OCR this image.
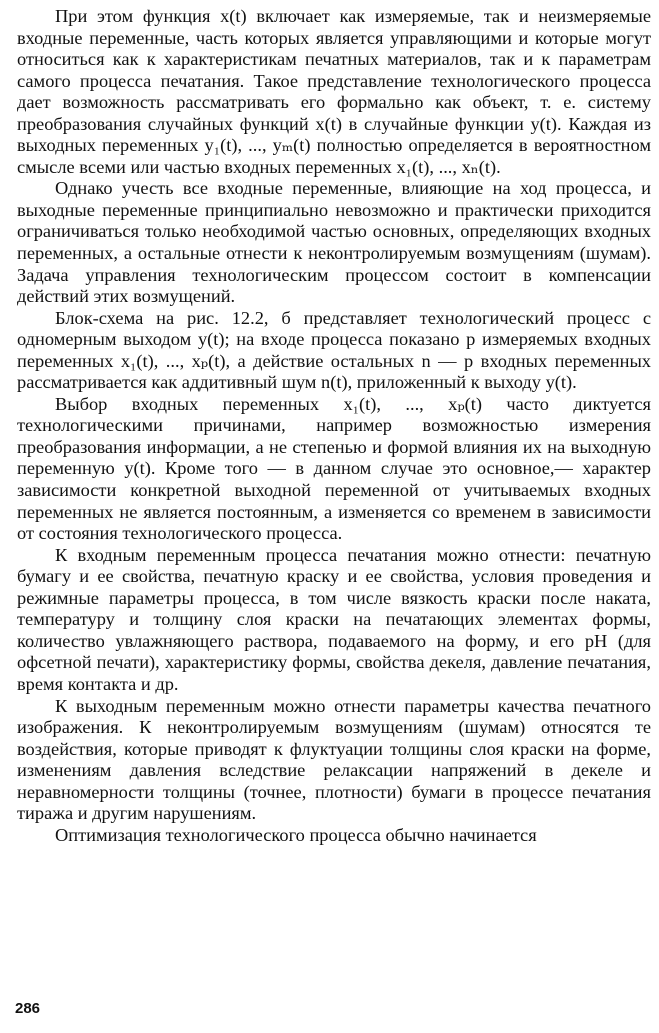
При этом функция x(t) включает как измеряемые, так и неизмеряемые входные переменные, часть которых является управляющими и которые могут относиться как к характеристикам печатных материалов, так и к параметрам самого процесса печатания. Такое представление технологического процесса дает возможность рассматривать его формально как объект, т. е. систему преобразования случайных функций x(t) в случайные функции y(t). Каждая из выходных переменных y₁(t), ..., yₘ(t) полностью определяется в вероятностном смысле всеми или частью входных переменных x₁(t), ..., xₙ(t).

Однако учесть все входные переменные, влияющие на ход процесса, и выходные переменные принципиально невозможно и практически приходится ограничиваться только необходимой частью основных, определяющих входных переменных, а остальные отнести к неконтролируемым возмущениям (шумам). Задача управления технологическим процессом состоит в компенсации действий этих возмущений.

Блок-схема на рис. 12.2, б представляет технологический процесс с одномерным выходом y(t); на входе процесса показано p измеряемых входных переменных x₁(t), ..., xₚ(t), а действие остальных n — p входных переменных рассматривается как аддитивный шум n(t), приложенный к выходу y(t).

Выбор входных переменных x₁(t), ..., xₚ(t) часто диктуется технологическими причинами, например возможностью измерения преобразования информации, а не степенью и формой влияния их на выходную переменную y(t). Кроме того — в данном случае это основное,— характер зависимости конкретной выходной переменной от учитываемых входных переменных не является постоянным, а изменяется со временем в зависимости от состояния технологического процесса.

К входным переменным процесса печатания можно отнести: печатную бумагу и ее свойства, печатную краску и ее свойства, условия проведения и режимные параметры процесса, в том числе вязкость краски после наката, температуру и толщину слоя краски на печатающих элементах формы, количество увлажняющего раствора, подаваемого на форму, и его pH (для офсетной печати), характеристику формы, свойства декеля, давление печатания, время контакта и др.

К выходным переменным можно отнести параметры качества печатного изображения. К неконтролируемым возмущениям (шумам) относятся те воздействия, которые приводят к флуктуации толщины слоя краски на форме, изменениям давления вследствие релаксации напряжений в декеле и неравномерности толщины (точнее, плотности) бумаги в процессе печатания тиража и другим нарушениям.

Оптимизация технологического процесса обычно начинается

286
